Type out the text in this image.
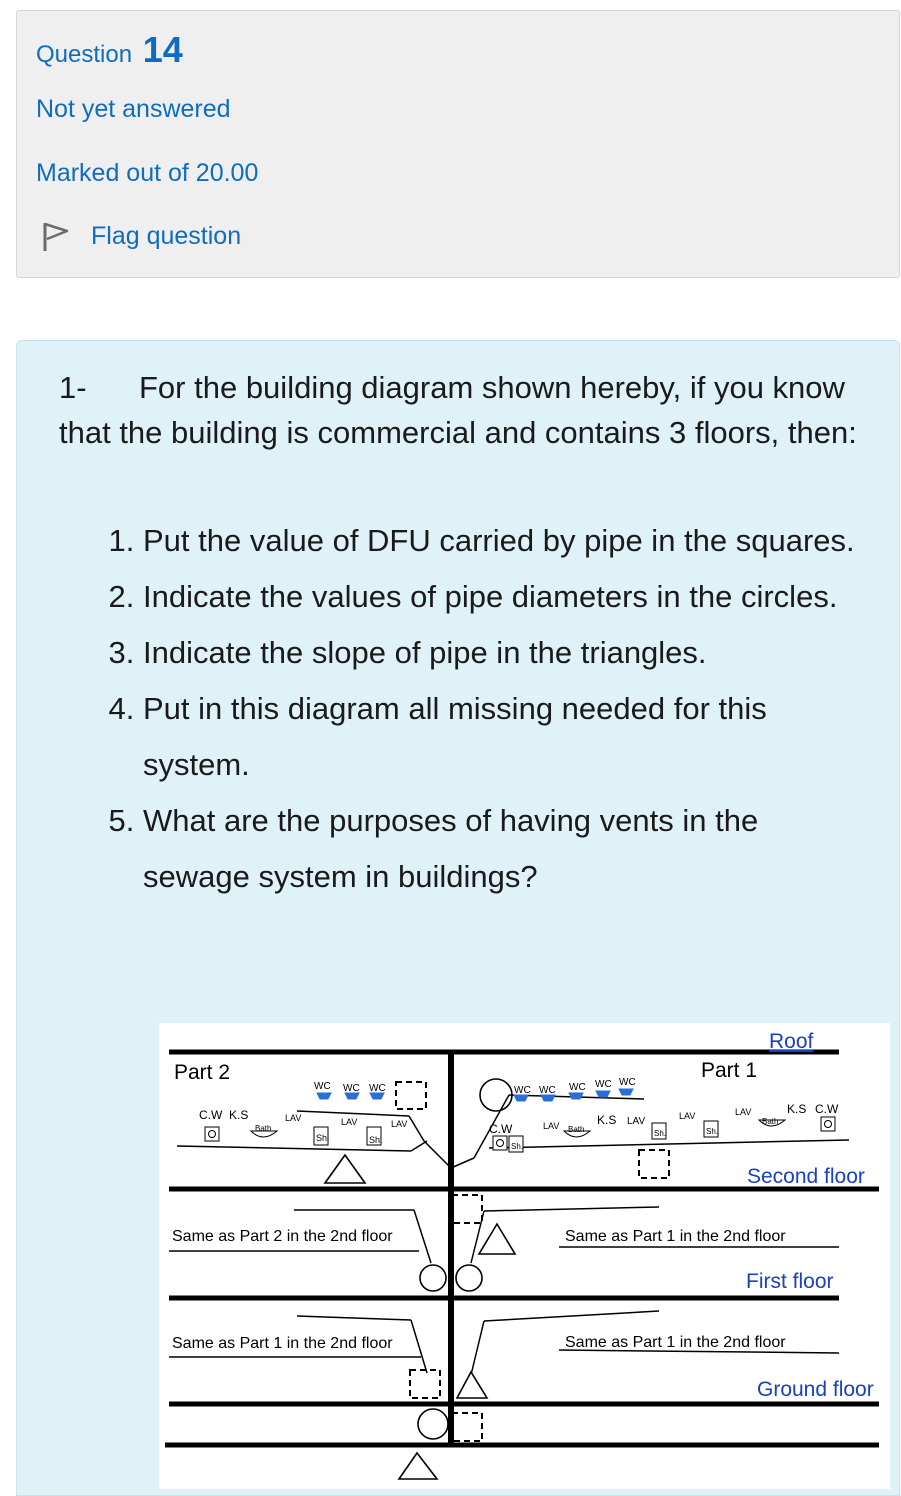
Question 14
Not yet answered
Marked out of 20.00
Flag question
1- For the building diagram shown hereby, if you know that the building is commercial and contains 3 floors, then:
1. Put the value of DFU carried by pipe in the squares.
2. Indicate the values of pipe diameters in the circles.
3. Indicate the slope of pipe in the triangles.
4. Put in this diagram all missing needed for this system.
5. What are the purposes of having vents in the sewage system in buildings?
WC WC WC	WC WC WC WC WC
C.W K.S
Bath
LAV	LAV	LAV
Sh.	Sh.
C.W
Sh.
LAV Bath
K.S LAV
Sh.
LAV
Sh.
LAV
Bath
K.S C.W
Part 2	Part 1
Same as Part 2 in the 2nd floor	Same as Part 1 in the 2nd floor
Same as Part 1 in the 2nd floor	Same as Part 1 in the 2nd floor
Roof
Second floor
First floor
Ground floor
